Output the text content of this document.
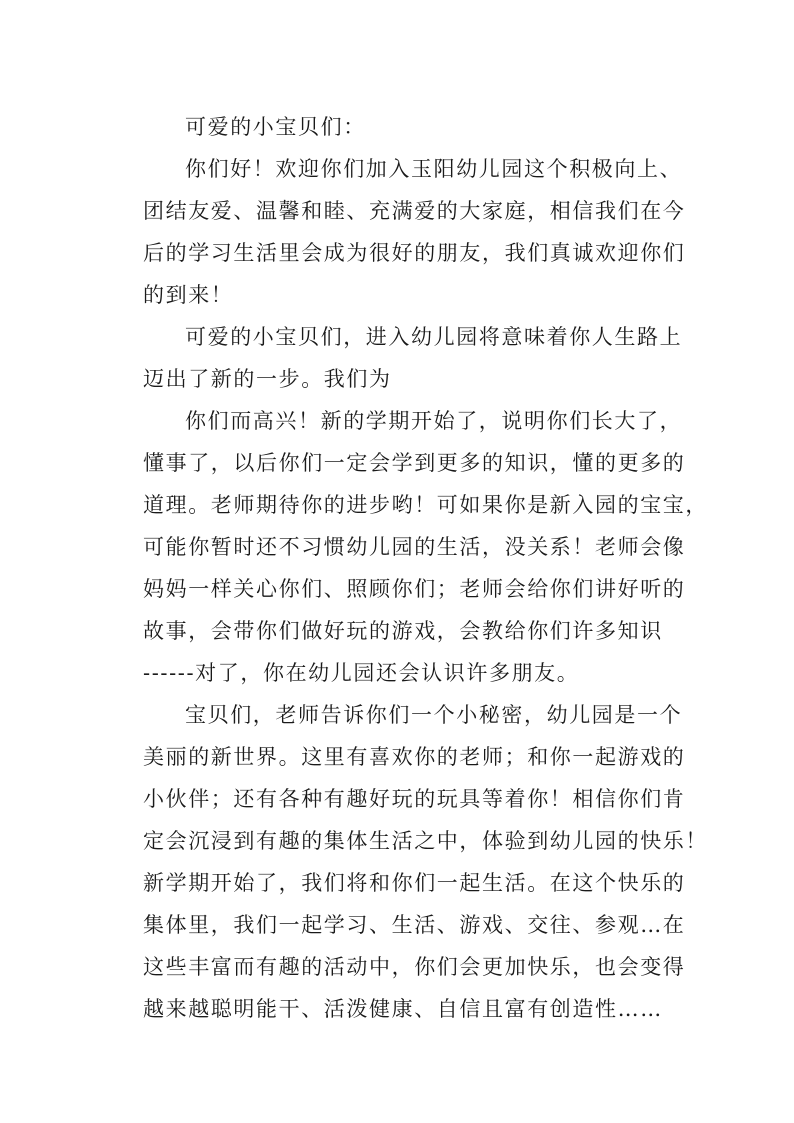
可爱的小宝贝们：
你们好！欢迎你们加入玉阳幼儿园这个积极向上、
团结友爱、温馨和睦、充满爱的大家庭，相信我们在今
后的学习生活里会成为很好的朋友，我们真诚欢迎你们
的到来！
可爱的小宝贝们，进入幼儿园将意味着你人生路上
迈出了新的一步。我们为
你们而高兴！新的学期开始了，说明你们长大了，
懂事了，以后你们一定会学到更多的知识，懂的更多的
道理。老师期待你的进步哟！可如果你是新入园的宝宝，
可能你暂时还不习惯幼儿园的生活，没关系！老师会像
妈妈一样关心你们、照顾你们；老师会给你们讲好听的
故事，会带你们做好玩的游戏，会教给你们许多知识
------对了，你在幼儿园还会认识许多朋友。
宝贝们，老师告诉你们一个小秘密，幼儿园是一个
美丽的新世界。这里有喜欢你的老师；和你一起游戏的
小伙伴；还有各种有趣好玩的玩具等着你！相信你们肯
定会沉浸到有趣的集体生活之中，体验到幼儿园的快乐！
新学期开始了，我们将和你们一起生活。在这个快乐的
集体里，我们一起学习、生活、游戏、交往、参观…在
这些丰富而有趣的活动中，你们会更加快乐，也会变得
越来越聪明能干、活泼健康、自信且富有创造性……
